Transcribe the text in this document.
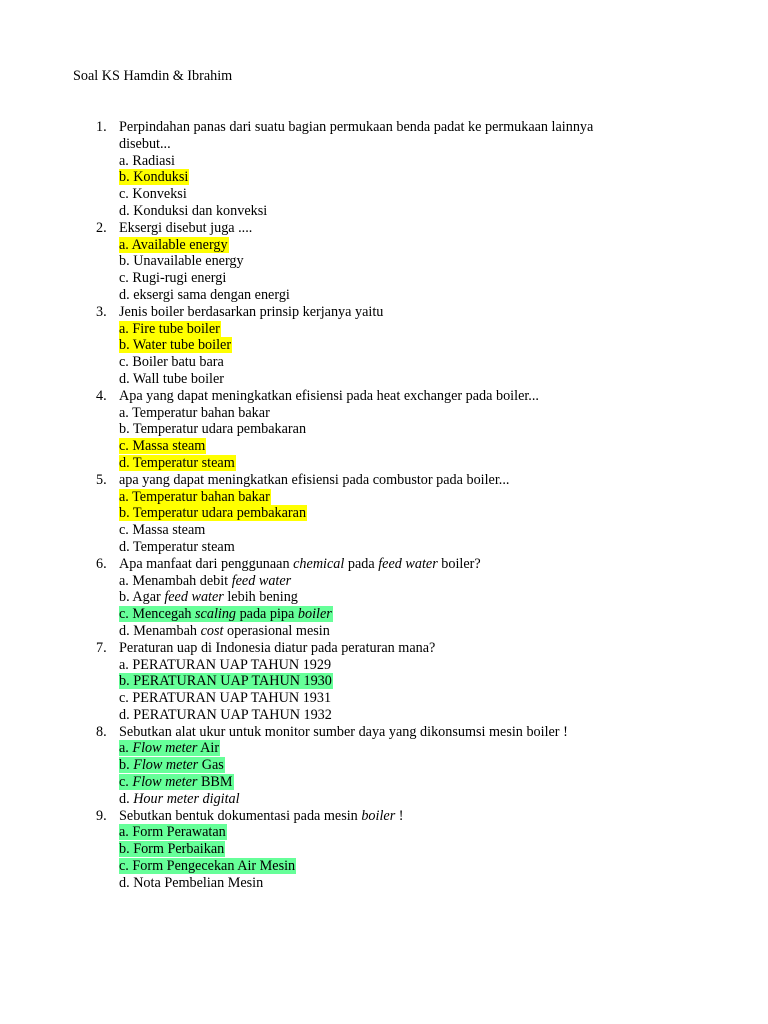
Soal KS Hamdin & Ibrahim
1. Perpindahan panas dari suatu bagian permukaan benda padat ke permukaan lainnya
disebut...
a. Radiasi
b. Konduksi
c. Konveksi
d. Konduksi dan konveksi
2. Eksergi disebut juga ....
a. Available energy
b. Unavailable energy
c. Rugi-rugi energi
d. eksergi sama dengan energi
3. Jenis boiler berdasarkan prinsip kerjanya yaitu
a. Fire tube boiler
b. Water tube boiler
c. Boiler batu bara
d. Wall tube boiler
4. Apa yang dapat meningkatkan efisiensi pada heat exchanger pada boiler...
a. Temperatur bahan bakar
b. Temperatur udara pembakaran
c. Massa steam
d. Temperatur steam
5. apa yang dapat meningkatkan efisiensi pada combustor pada boiler...
a. Temperatur bahan bakar
b. Temperatur udara pembakaran
c. Massa steam
d. Temperatur steam
6. Apa manfaat dari penggunaan chemical pada feed water boiler?
a. Menambah debit feed water
b. Agar feed water lebih bening
c. Mencegah scaling pada pipa boiler
d. Menambah cost operasional mesin
7. Peraturan uap di Indonesia diatur pada peraturan mana?
a. PERATURAN UAP TAHUN 1929
b. PERATURAN UAP TAHUN 1930
c. PERATURAN UAP TAHUN 1931
d. PERATURAN UAP TAHUN 1932
8. Sebutkan alat ukur untuk monitor sumber daya yang dikonsumsi mesin boiler !
a. Flow meter Air
b. Flow meter Gas
c. Flow meter BBM
d. Hour meter digital
9. Sebutkan bentuk dokumentasi pada mesin boiler !
a. Form Perawatan
b. Form Perbaikan
c. Form Pengecekan Air Mesin
d. Nota Pembelian Mesin
